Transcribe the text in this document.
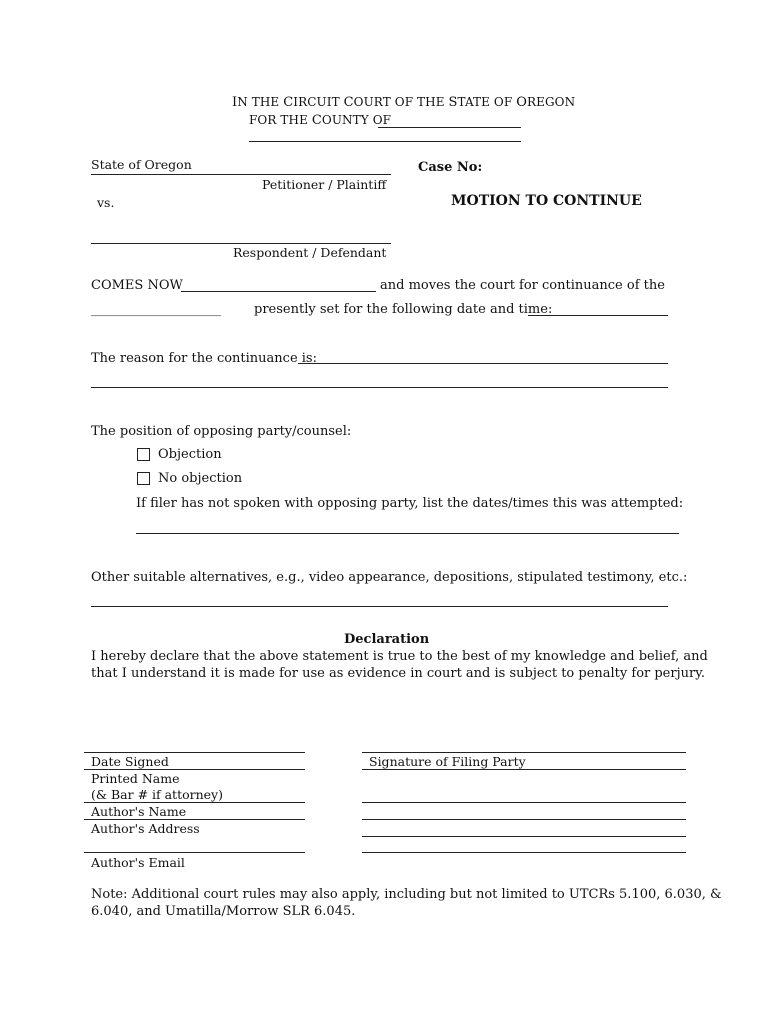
IN THE CIRCUIT COURT OF THE STATE OF OREGON
FOR THE COUNTY OF
State of Oregon
Petitioner / Plaintiff
vs.
Respondent / Defendant
Case No:
MOTION TO CONTINUE
COMES NOW	and moves the court for continuance of the
____________________	presently set for the following date and time:
The reason for the continuance is:
The position of opposing party/counsel:
Objection
No objection
If filer has not spoken with opposing party, list the dates/times this was attempted:
Other suitable alternatives, e.g., video appearance, depositions, stipulated testimony, etc.:
Declaration
I hereby declare that the above statement is true to the best of my knowledge and belief, and
that I understand it is made for use as evidence in court and is subject to penalty for perjury.
Date Signed
Printed Name
(& Bar # if attorney)
Author's Name
Author's Address
Author's Email
Signature of Filing Party
Note: Additional court rules may also apply, including but not limited to UTCRs 5.100, 6.030, &
6.040, and Umatilla/Morrow SLR 6.045.
